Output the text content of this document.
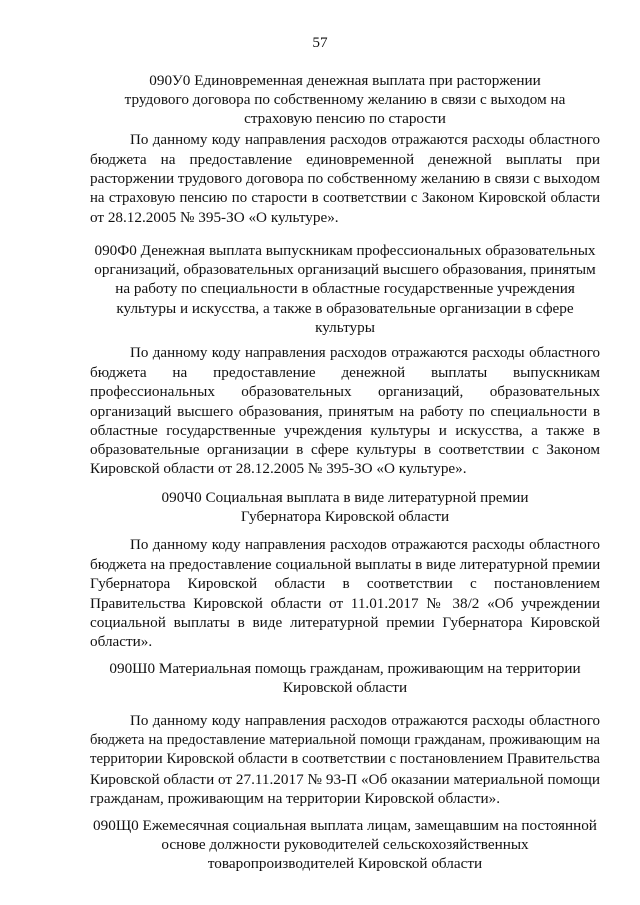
57
090У0 Единовременная денежная выплата при расторжении
трудового договора по собственному желанию в связи с выходом на
страховую пенсию по старости
По данному коду направления расходов отражаются расходы областного
бюджета на предоставление единовременной денежной выплаты при
расторжении трудового договора по собственному желанию в связи с выходом
на страховую пенсию по старости в соответствии с Законом Кировской области
от 28.12.2005 № 395-ЗО «О культуре».
090Ф0 Денежная выплата выпускникам профессиональных образовательных
организаций, образовательных организаций высшего образования, принятым
на работу по специальности в областные государственные учреждения
культуры и искусства, а также в образовательные организации в сфере
культуры
По данному коду направления расходов отражаются расходы областного
бюджета на предоставление денежной выплаты выпускникам
профессиональных образовательных организаций, образовательных
организаций высшего образования, принятым на работу по специальности в
областные государственные учреждения культуры и искусства, а также в
образовательные организации в сфере культуры в соответствии с Законом
Кировской области от 28.12.2005 № 395-ЗО «О культуре».
090Ч0 Социальная выплата в виде литературной премии
Губернатора Кировской области
По данному коду направления расходов отражаются расходы областного
бюджета на предоставление социальной выплаты в виде литературной премии
Губернатора Кировской области в соответствии с постановлением
Правительства Кировской области от 11.01.2017 № 38/2 «Об учреждении
социальной выплаты в виде литературной премии Губернатора Кировской
области».
090Ш0 Материальная помощь гражданам, проживающим на территории
Кировской области
По данному коду направления расходов отражаются расходы областного
бюджета на предоставление материальной помощи гражданам, проживающим на
территории Кировской области в соответствии с постановлением Правительства
Кировской области от 27.11.2017 № 93-П «Об оказании материальной помощи
гражданам, проживающим на территории Кировской области».
090Щ0 Ежемесячная социальная выплата лицам, замещавшим на постоянной
основе должности руководителей сельскохозяйственных
товаропроизводителей Кировской области
